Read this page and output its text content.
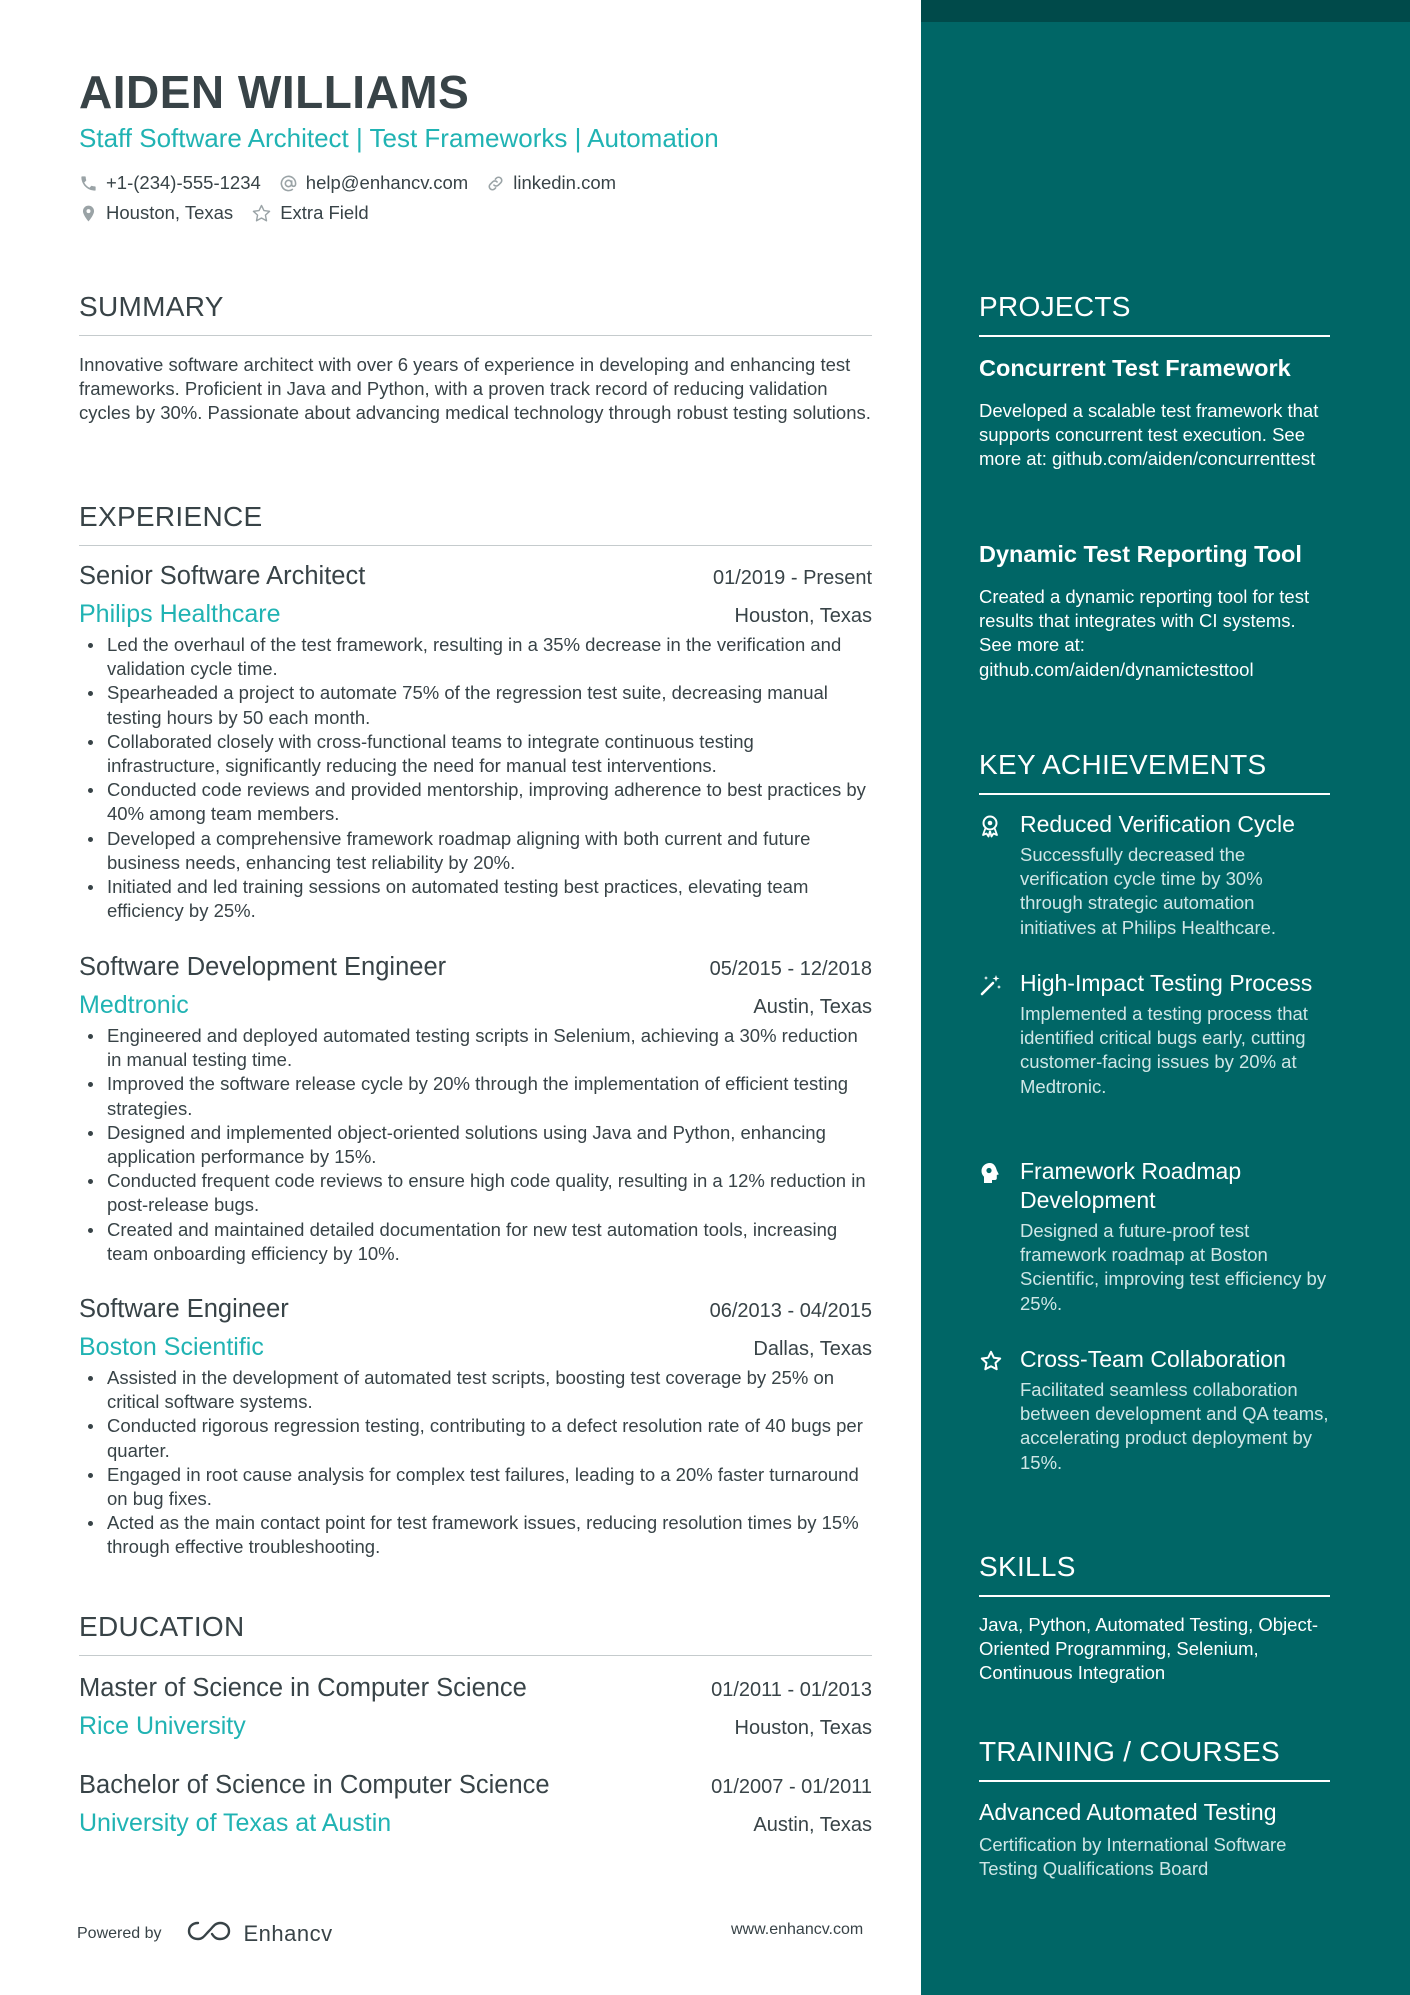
AIDEN WILLIAMS
Staff Software Architect | Test Frameworks | Automation
+1-(234)-555-1234 help@enhancv.com linkedin.com
Houston, Texas	Extra Field
SUMMARY
Innovative software architect with over 6 years of experience in developing and enhancing test frameworks. Proficient in Java and Python, with a proven track record of reducing validation cycles by 30%. Passionate about advancing medical technology through robust testing solutions.
EXPERIENCE
Senior Software Architect	01/2019 - Present
Philips Healthcare	Houston, Texas
Led the overhaul of the test framework, resulting in a 35% decrease in the verification and validation cycle time.
Spearheaded a project to automate 75% of the regression test suite, decreasing manual testing hours by 50 each month.
Collaborated closely with cross-functional teams to integrate continuous testing infrastructure, significantly reducing the need for manual test interventions.
Conducted code reviews and provided mentorship, improving adherence to best practices by 40% among team members.
Developed a comprehensive framework roadmap aligning with both current and future business needs, enhancing test reliability by 20%.
Initiated and led training sessions on automated testing best practices, elevating team efficiency by 25%.
Software Development Engineer	05/2015 - 12/2018
Medtronic	Austin, Texas
Engineered and deployed automated testing scripts in Selenium, achieving a 30% reduction in manual testing time.
Improved the software release cycle by 20% through the implementation of efficient testing strategies.
Designed and implemented object-oriented solutions using Java and Python, enhancing application performance by 15%.
Conducted frequent code reviews to ensure high code quality, resulting in a 12% reduction in post-release bugs.
Created and maintained detailed documentation for new test automation tools, increasing team onboarding efficiency by 10%.
Software Engineer	06/2013 - 04/2015
Boston Scientific	Dallas, Texas
Assisted in the development of automated test scripts, boosting test coverage by 25% on critical software systems.
Conducted rigorous regression testing, contributing to a defect resolution rate of 40 bugs per quarter.
Engaged in root cause analysis for complex test failures, leading to a 20% faster turnaround on bug fixes.
Acted as the main contact point for test framework issues, reducing resolution times by 15% through effective troubleshooting.
EDUCATION
Master of Science in Computer Science	01/2011 - 01/2013
Rice University	Houston, Texas
Bachelor of Science in Computer Science	01/2007 - 01/2011
University of Texas at Austin	Austin, Texas
Powered by	Enhancv	www.enhancv.com
PROJECTS
Concurrent Test Framework
Developed a scalable test framework that supports concurrent test execution. See more at: github.com/aiden/concurrenttest
Dynamic Test Reporting Tool
Created a dynamic reporting tool for test results that integrates with CI systems. See more at: github.com/aiden/dynamictesttool
KEY ACHIEVEMENTS
Reduced Verification Cycle
Successfully decreased the verification cycle time by 30% through strategic automation initiatives at Philips Healthcare.
High-Impact Testing Process
Implemented a testing process that identified critical bugs early, cutting customer-facing issues by 20% at Medtronic.
Framework Roadmap Development
Designed a future-proof test framework roadmap at Boston Scientific, improving test efficiency by 25%.
Cross-Team Collaboration
Facilitated seamless collaboration between development and QA teams, accelerating product deployment by 15%.
SKILLS
Java, Python, Automated Testing, Object-Oriented Programming, Selenium, Continuous Integration
TRAINING / COURSES
Advanced Automated Testing
Certification by International Software Testing Qualifications Board
